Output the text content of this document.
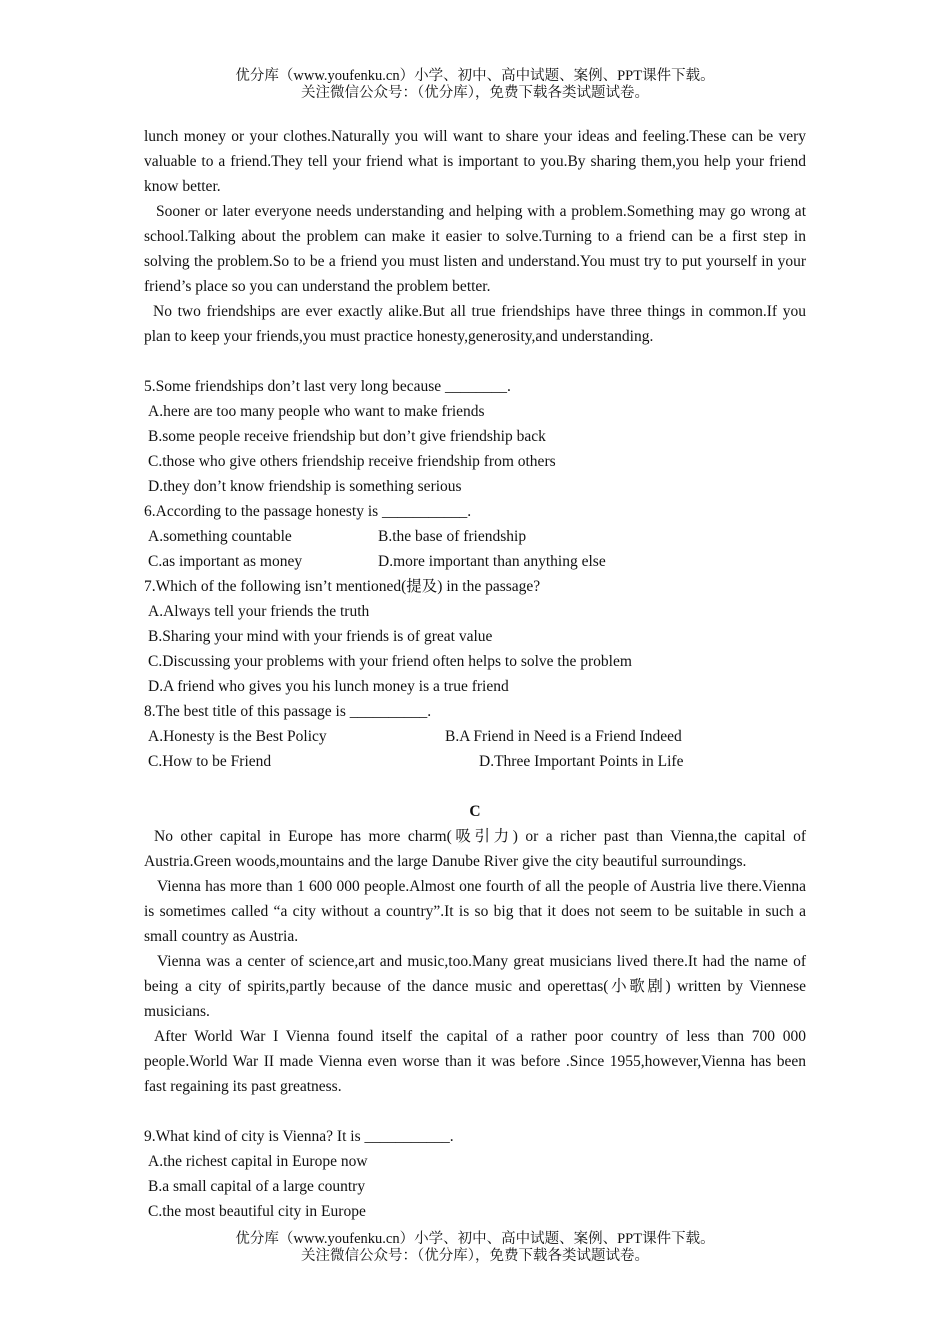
优分库（www.youfenku.cn）小学、初中、高中试题、案例、PPT课件下载。
关注微信公众号：（优分库），免费下载各类试题试卷。

lunch money or your clothes.Naturally you will want to share your ideas and feeling.These can be very valuable to a friend.They tell your friend what is important to you.By sharing them,you help your friend know better.

Sooner or later everyone needs understanding and helping with a problem.Something may go wrong at school.Talking about the problem can make it easier to solve.Turning to a friend can be a first step in solving the problem.So to be a friend you must listen and understand.You must try to put yourself in your friend’s place so you can understand the problem better.

No two friendships are ever exactly alike.But all true friendships have three things in common.If you plan to keep your friends,you must practice honesty,generosity,and understanding.

5.Some friendships don’t last very long because ________.

A.here are too many people who want to make friends

B.some people receive friendship but don’t give friendship back

C.those who give others friendship receive friendship from others

D.they don’t know friendship is something serious

6.According to the passage honesty is ___________.

A.something countable	B.the base of friendship
C.as important as money	D.more important than anything else

7.Which of the following isn’t mentioned(提及) in the passage?

A.Always tell your friends the truth

B.Sharing your mind with your friends is of great value

C.Discussing your problems with your friend often helps to solve the problem

D.A friend who gives you his lunch money is a true friend

8.The best title of this passage is __________.

A.Honesty is the Best Policy	B.A Friend in Need is a Friend Indeed
C.How to be Friend	D.Three Important Points in Life

C

No other capital in Europe has more charm(吸引力) or a richer past than Vienna,the capital of Austria.Green woods,mountains and the large Danube River give the city beautiful surroundings.

Vienna has more than 1 600 000 people.Almost one fourth of all the people of Austria live there.Vienna is sometimes called “a city without a country”.It is so big that it does not seem to be suitable in such a small country as Austria.

Vienna was a center of science,art and music,too.Many great musicians lived there.It had the name of being a city of spirits,partly because of the dance music and operettas(小歌剧) written by Viennese musicians.

After World War I Vienna found itself the capital of a rather poor country of less than 700 000 people.World War II made Vienna even worse than it was before .Since 1955,however,Vienna has been fast regaining its past greatness.

9.What kind of city is Vienna? It is ___________.

A.the richest capital in Europe now

B.a small capital of a large country

C.the most beautiful city in Europe

优分库（www.youfenku.cn）小学、初中、高中试题、案例、PPT课件下载。
关注微信公众号：（优分库），免费下载各类试题试卷。
